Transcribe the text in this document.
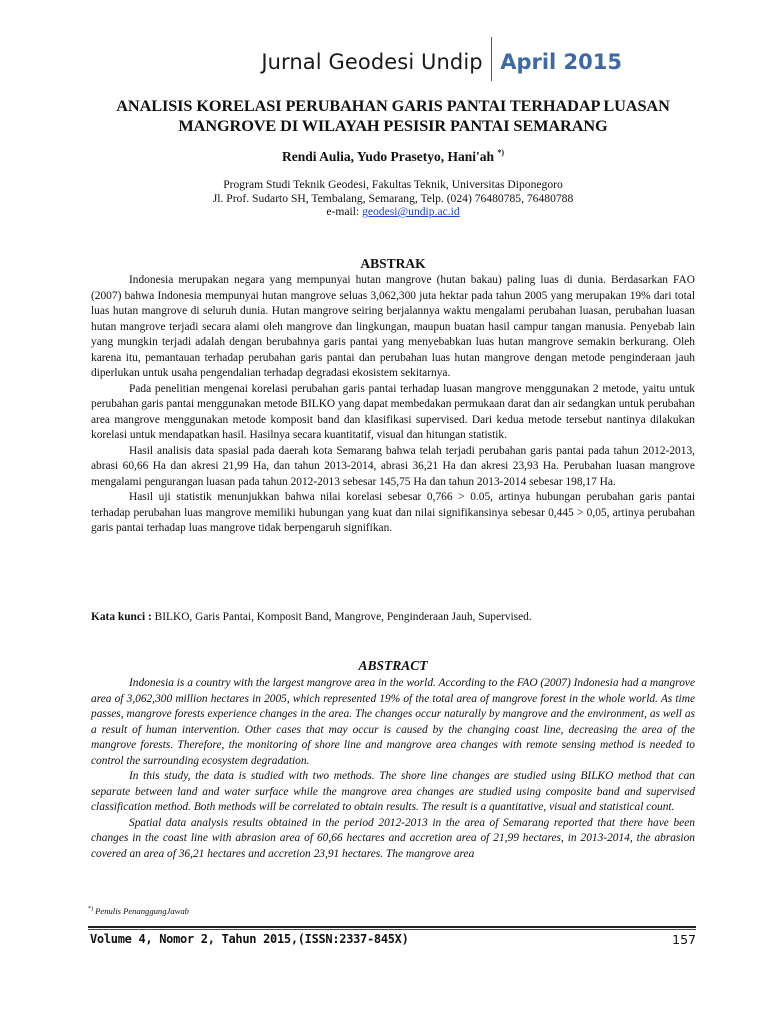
Jurnal Geodesi Undip April 2015
ANALISIS KORELASI PERUBAHAN GARIS PANTAI TERHADAP LUASAN MANGROVE DI WILAYAH PESISIR PANTAI SEMARANG
Rendi Aulia, Yudo Prasetyo, Hani'ah *)
Program Studi Teknik Geodesi, Fakultas Teknik, Universitas Diponegoro
Jl. Prof. Sudarto SH, Tembalang, Semarang, Telp. (024) 76480785, 76480788
e-mail: geodesi@undip.ac.id
ABSTRAK

Indonesia merupakan negara yang mempunyai hutan mangrove (hutan bakau) paling luas di dunia. Berdasarkan FAO (2007) bahwa Indonesia mempunyai hutan mangrove seluas 3,062,300 juta hektar pada tahun 2005 yang merupakan 19% dari total luas hutan mangrove di seluruh dunia. Hutan mangrove seiring berjalannya waktu mengalami perubahan luasan, perubahan luasan hutan mangrove terjadi secara alami oleh mangrove dan lingkungan, maupun buatan hasil campur tangan manusia. Penyebab lain yang mungkin terjadi adalah dengan berubahnya garis pantai yang menyebabkan luas hutan mangrove semakin berkurang. Oleh karena itu, pemantauan terhadap perubahan garis pantai dan perubahan luas hutan mangrove dengan metode penginderaan jauh diperlukan untuk usaha pengendalian terhadap degradasi ekosistem sekitarnya.

Pada penelitian mengenai korelasi perubahan garis pantai terhadap luasan mangrove menggunakan 2 metode, yaitu untuk perubahan garis pantai menggunakan metode BILKO yang dapat membedakan permukaan darat dan air sedangkan untuk perubahan area mangrove menggunakan metode komposit band dan klasifikasi supervised. Dari kedua metode tersebut nantinya dilakukan korelasi untuk mendapatkan hasil. Hasilnya secara kuantitatif, visual dan hitungan statistik.

Hasil analisis data spasial pada daerah kota Semarang bahwa telah terjadi perubahan garis pantai pada tahun 2012-2013, abrasi 60,66 Ha dan akresi 21,99 Ha, dan tahun 2013-2014, abrasi 36,21 Ha dan akresi 23,93 Ha. Perubahan luasan mangrove mengalami pengurangan luasan pada tahun 2012-2013 sebesar 145,75 Ha dan tahun 2013-2014 sebesar 198,17 Ha.

Hasil uji statistik menunjukkan bahwa nilai korelasi sebesar 0,766 > 0.05, artinya hubungan perubahan garis pantai terhadap perubahan luas mangrove memiliki hubungan yang kuat dan nilai signifikansinya sebesar 0,445 > 0,05, artinya perubahan garis pantai terhadap luas mangrove tidak berpengaruh signifikan.

Kata kunci : BILKO, Garis Pantai, Komposit Band, Mangrove, Penginderaan Jauh, Supervised.
ABSTRACT

Indonesia is a country with the largest mangrove area in the world. According to the FAO (2007) Indonesia had a mangrove area of 3,062,300 million hectares in 2005, which represented 19% of the total area of mangrove forest in the whole world. As time passes, mangrove forests experience changes in the area. The changes occur naturally by mangrove and the environment, as well as a result of human intervention. Other cases that may occur is caused by the changing coast line, decreasing the area of the mangrove forests. Therefore, the monitoring of shore line and mangrove area changes with remote sensing method is needed to control the surrounding ecosystem degradation.

In this study, the data is studied with two methods. The shore line changes are studied using BILKO method that can separate between land and water surface while the mangrove area changes are studied using composite band and supervised classification method. Both methods will be correlated to obtain results. The result is a quantitative, visual and statistical count.

Spatial data analysis results obtained in the period 2012-2013 in the area of Semarang reported that there have been changes in the coast line with abrasion area of 60,66 hectares and accretion area of 21,99 hectares, in 2013-2014, the abrasion covered an area of 36,21 hectares and accretion 23,91 hectares. The mangrove area

*) Penulis PenanggungJawab
Volume 4, Nomor 2, Tahun 2015,(ISSN:2337-845X)	157
